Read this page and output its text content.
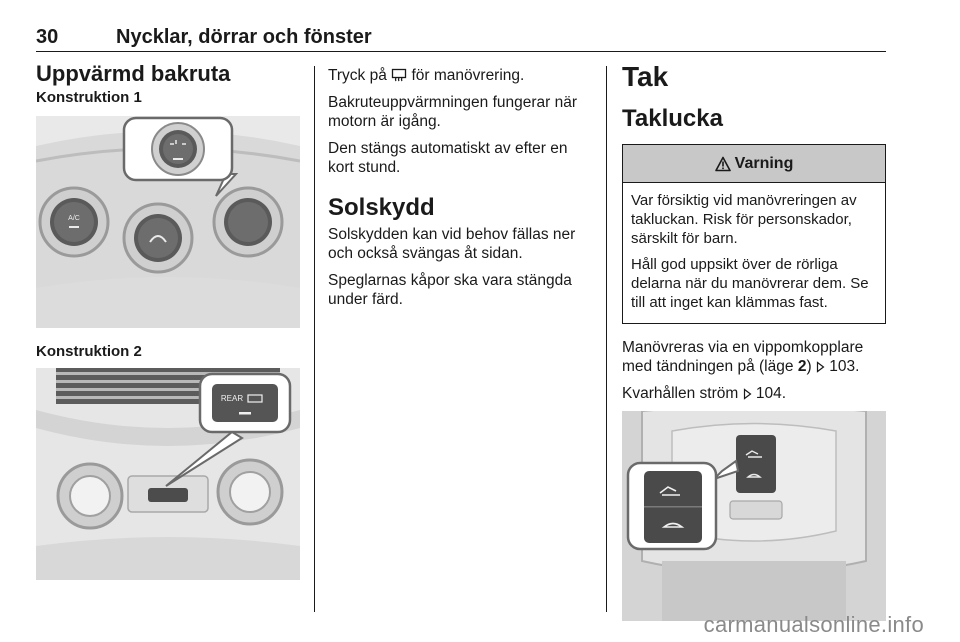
30	Nycklar, dörrar och fönster
Uppvärmd bakruta
Konstruktion 1
A/C
Konstruktion 2
REAR

Tryck på för manövrering.

Bakruteuppvärmningen fungerar när motorn är igång.

Den stängs automatiskt av efter en kort stund.

Solskydd

Solskydden kan vid behov fällas ner och också svängas åt sidan.

Speglarnas kåpor ska vara stängda under färd.

Tak
Taklucka
Varning

Var försiktig vid manövreringen av takluckan. Risk för personskador, särskilt för barn.

Håll god uppsikt över de rörliga delarna när du manövrerar dem. Se till att inget kan klämmas fast.

Manövreras via en vippomkopplare med tändningen på (läge 2)  103.

Kvarhållen ström  104.

carmanualsonline.info
